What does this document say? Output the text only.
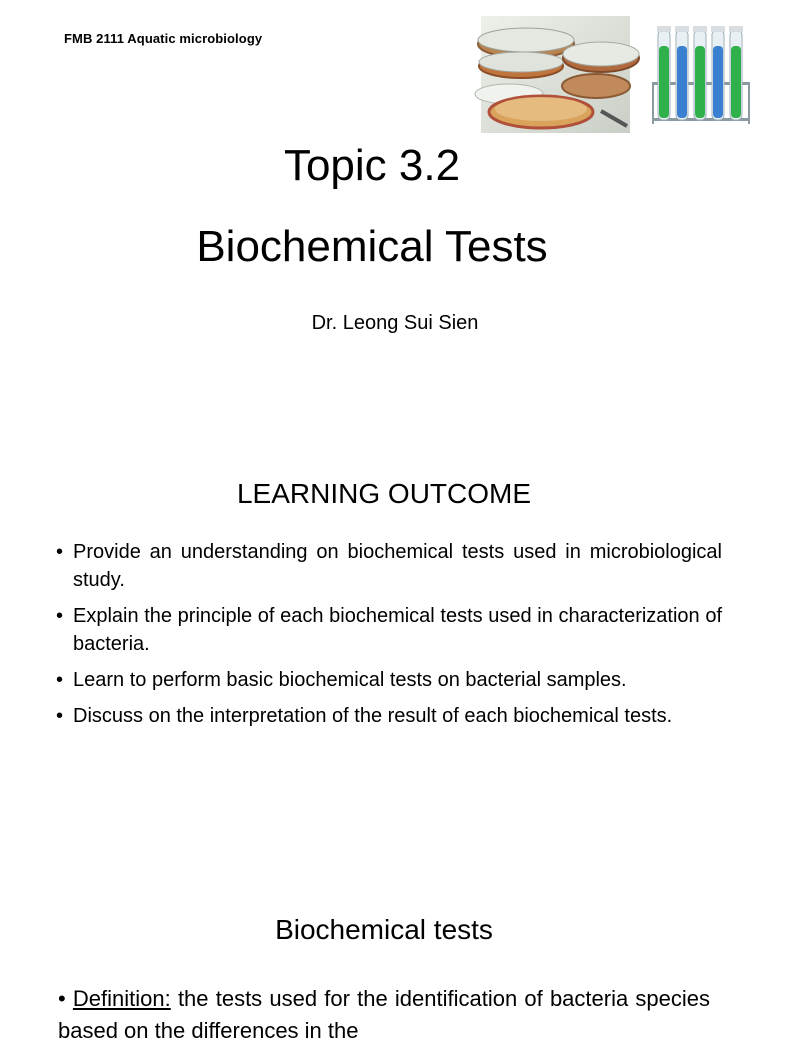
FMB 2111 Aquatic microbiology
Topic 3.2
Biochemical Tests
Dr. Leong Sui Sien
LEARNING OUTCOME
• Provide an understanding on biochemical tests used in microbiological study.
• Explain the principle of each biochemical tests used in characterization of bacteria.
• Learn to perform basic biochemical tests on bacterial samples.
• Discuss on the interpretation of the result of each biochemical tests.
Biochemical tests
• Definition: the tests used for the identification of bacteria species based on the differences in the
